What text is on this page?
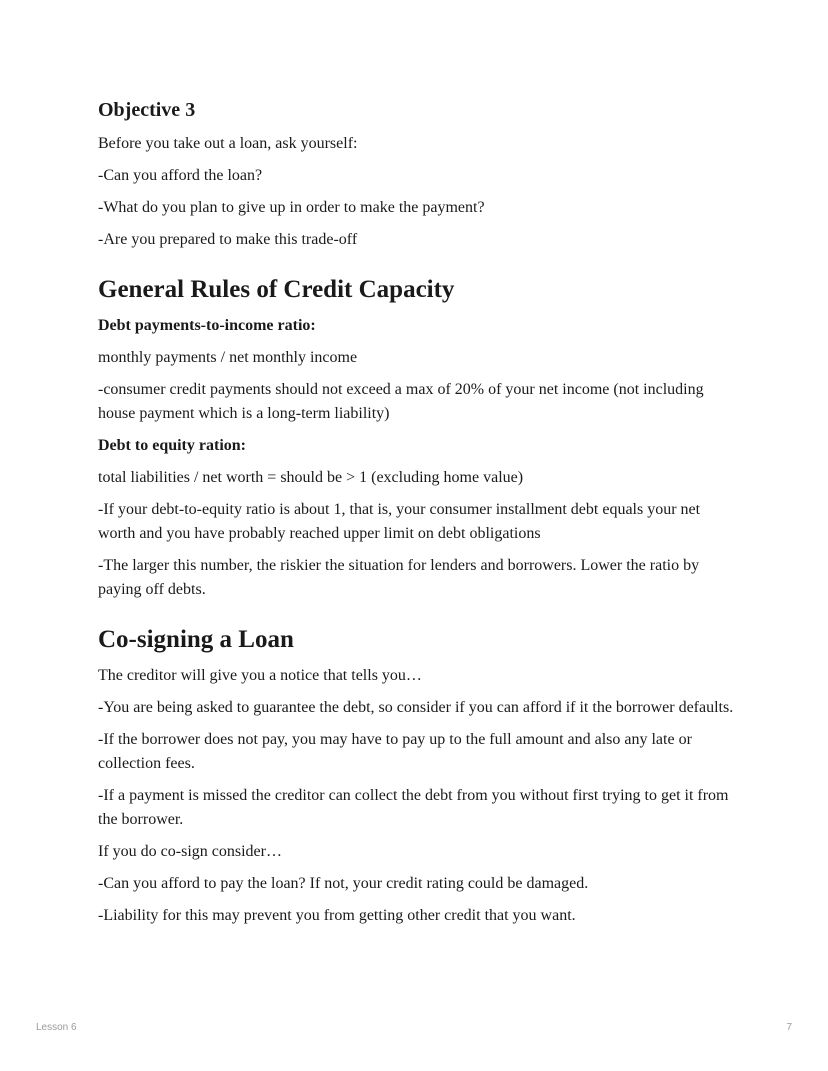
Objective 3
Before you take out a loan, ask yourself:
-Can you afford the loan?
-What do you plan to give up in order to make the payment?
-Are you prepared to make this trade-off
General Rules of Credit Capacity
Debt payments-to-income ratio:
monthly payments / net monthly income
-consumer credit payments should not exceed a max of 20% of your net income (not including house payment which is a long-term liability)
Debt to equity ration:
total liabilities / net worth = should be > 1 (excluding home value)
-If your debt-to-equity ratio is about 1, that is, your consumer installment debt equals your net worth and you have probably reached upper limit on debt obligations
-The larger this number, the riskier the situation for lenders and borrowers. Lower the ratio by paying off debts.
Co-signing a Loan
The creditor will give you a notice that tells you…
-You are being asked to guarantee the debt, so consider if you can afford if it the borrower defaults.
-If the borrower does not pay, you may have to pay up to the full amount and also any late or collection fees.
-If a payment is missed the creditor can collect the debt from you without first trying to get it from the borrower.
If you do co-sign consider…
-Can you afford to pay the loan? If not, your credit rating could be damaged.
-Liability for this may prevent you from getting other credit that you want.
Lesson 6	7
